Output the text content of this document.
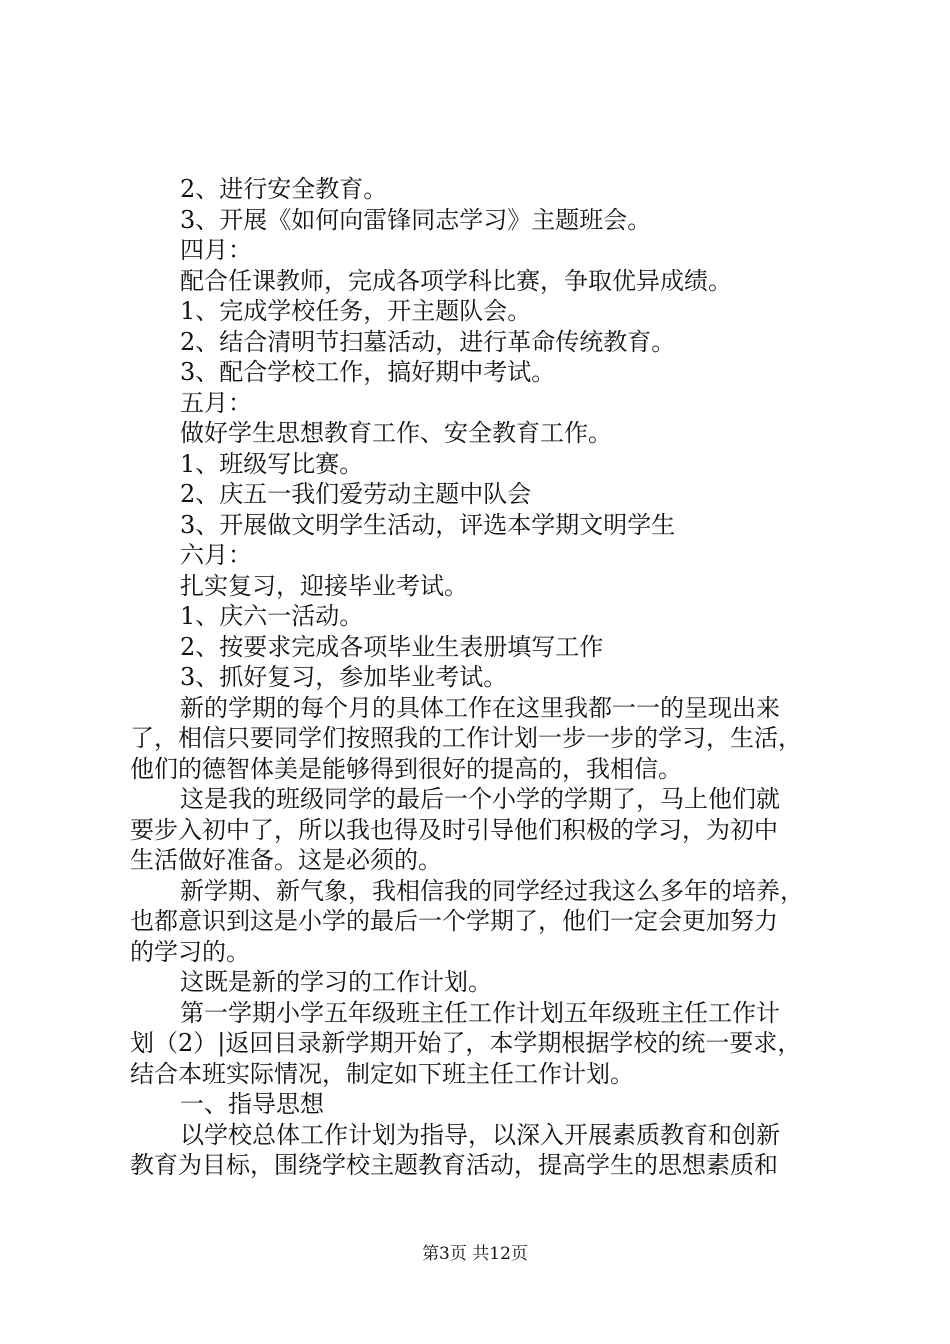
2、进行安全教育。
3、开展《如何向雷锋同志学习》主题班会。
四月：
配合任课教师，完成各项学科比赛，争取优异成绩。
1、完成学校任务，开主题队会。
2、结合清明节扫墓活动，进行革命传统教育。
3、配合学校工作，搞好期中考试。
五月：
做好学生思想教育工作、安全教育工作。
1、班级写比赛。
2、庆五一我们爱劳动主题中队会
3、开展做文明学生活动，评选本学期文明学生
六月：
扎实复习，迎接毕业考试。
1、庆六一活动。
2、按要求完成各项毕业生表册填写工作
3、抓好复习，参加毕业考试。
新的学期的每个月的具体工作在这里我都一一的呈现出来
了，相信只要同学们按照我的工作计划一步一步的学习，生活，
他们的德智体美是能够得到很好的提高的，我相信。
这是我的班级同学的最后一个小学的学期了，马上他们就
要步入初中了，所以我也得及时引导他们积极的学习，为初中
生活做好准备。这是必须的。
新学期、新气象，我相信我的同学经过我这么多年的培养，
也都意识到这是小学的最后一个学期了，他们一定会更加努力
的学习的。
这既是新的学习的工作计划。
第一学期小学五年级班主任工作计划五年级班主任工作计
划（2）|返回目录新学期开始了，本学期根据学校的统一要求，
结合本班实际情况，制定如下班主任工作计划。
一、指导思想
以学校总体工作计划为指导，以深入开展素质教育和创新
教育为目标，围绕学校主题教育活动，提高学生的思想素质和
第3页 共12页
